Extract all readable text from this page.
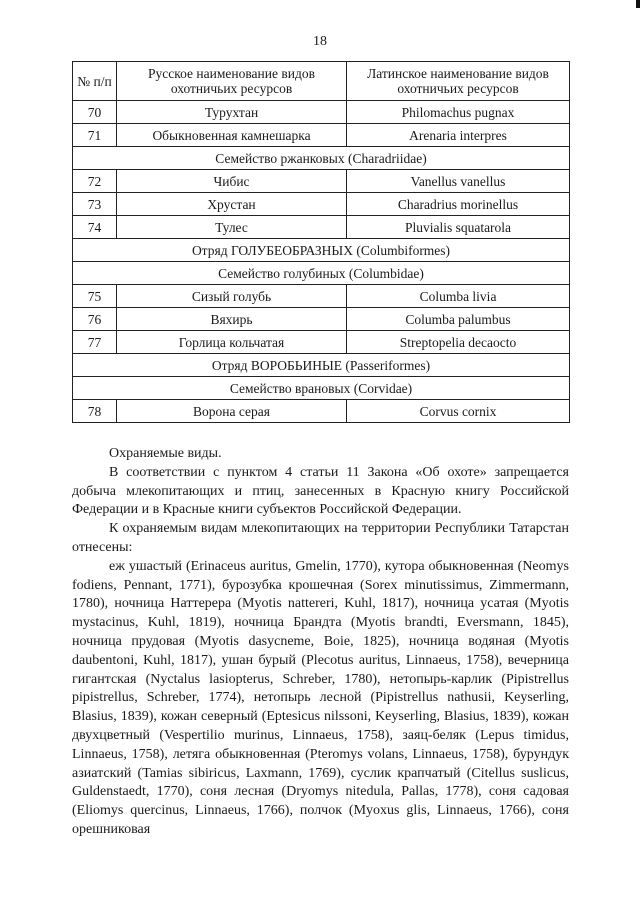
18
№ п/п	Русское наименование видов охотничьих ресурсов	Латинское наименование видов охотничьих ресурсов
70	Турухтан	Philomachus pugnax
71	Обыкновенная камнешарка	Arenaria interpres
Семейство ржанковых (Charadriidae)		
72	Чибис	Vanellus vanellus
73	Хрустан	Charadrius morinellus
74	Тулес	Pluvialis squatarola
Отряд ГОЛУБЕОБРАЗНЫХ (Columbiformes)		
Семейство голубиных (Columbidae)		
75	Сизый голубь	Columba livia
76	Вяхирь	Columba palumbus
77	Горлица кольчатая	Streptopelia decaocto
Отряд ВОРОБЬИНЫЕ (Passeriformes)		
Семейство врановых (Corvidae)		
78	Ворона серая	Corvus cornix

Охраняемые виды.

В соответствии с пунктом 4 статьи 11 Закона «Об охоте» запрещается добыча млекопитающих и птиц, занесенных в Красную книгу Российской Федерации и в Красные книги субъектов Российской Федерации.

К охраняемым видам млекопитающих на территории Республики Татарстан отнесены:

еж ушастый (Erinaceus auritus, Gmelin, 1770), кутора обыкновенная (Neomys fodiens, Pennant, 1771), бурозубка крошечная (Sorex minutissimus, Zimmermann, 1780), ночница Наттерера (Myotis nattereri, Kuhl, 1817), ночница усатая (Myotis mystacinus, Kuhl, 1819), ночница Брандта (Myotis brandti, Eversmann, 1845), ночница прудовая (Myotis dasycneme, Boie, 1825), ночница водяная (Myotis daubentoni, Kuhl, 1817), ушан бурый (Plecotus auritus, Linnaeus, 1758), вечерница гигантская (Nyctalus lasiopterus, Schreber, 1780), нетопырь-карлик (Pipistrellus pipistrellus, Schreber, 1774), нетопырь лесной (Pipistrellus nathusii, Keyserling, Blasius, 1839), кожан северный (Eptesicus nilssoni, Keyserling, Blasius, 1839), кожан двухцветный (Vespertilio murinus, Linnaeus, 1758), заяц-беляк (Lepus timidus, Linnaeus, 1758), летяга обыкновенная (Pteromys volans, Linnaeus, 1758), бурундук азиатский (Tamias sibiricus, Laxmann, 1769), суслик крапчатый (Citellus suslicus, Guldenstaedt, 1770), соня лесная (Dryomys nitedula, Pallas, 1778), соня садовая (Eliomys quercinus, Linnaeus, 1766), полчок (Myoxus glis, Linnaeus, 1766), соня орешниковая
